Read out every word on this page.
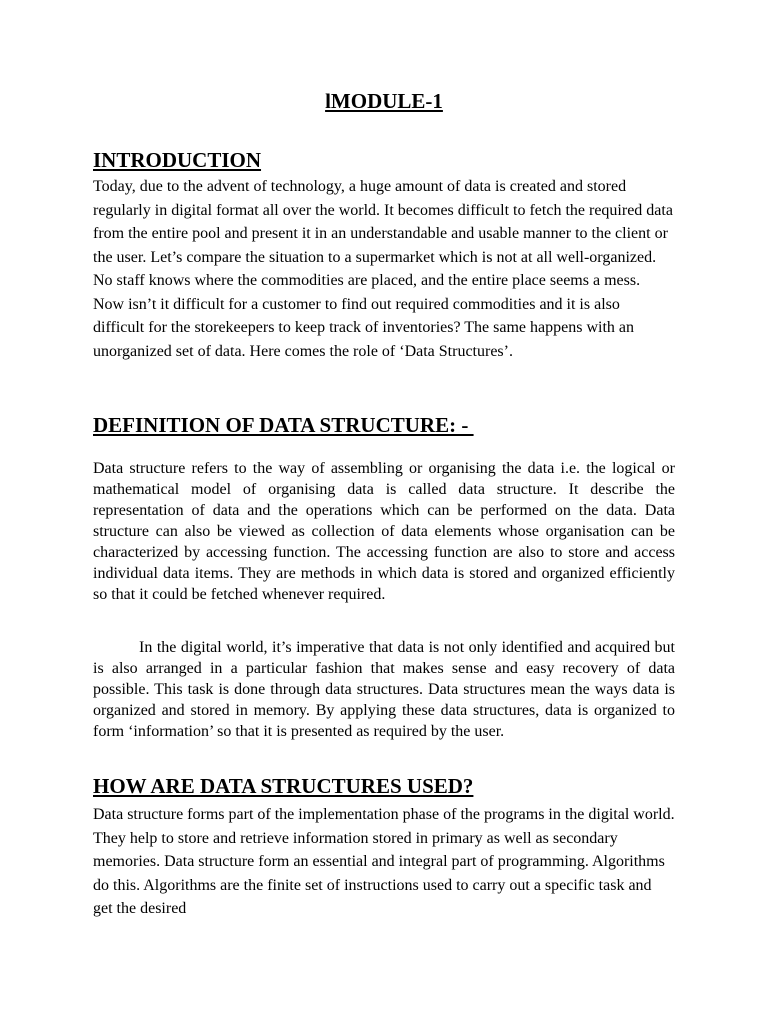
lMODULE-1
INTRODUCTION

Today, due to the advent of technology, a huge amount of data is created and stored regularly in digital format all over the world. It becomes difficult to fetch the required data from the entire pool and present it in an understandable and usable manner to the client or the user. Let’s compare the situation to a supermarket which is not at all well-organized. No staff knows where the commodities are placed, and the entire place seems a mess. Now isn’t it difficult for a customer to find out required commodities and it is also difficult for the storekeepers to keep track of inventories? The same happens with an unorganized set of data. Here comes the role of ‘Data Structures’.

DEFINITION OF DATA STRUCTURE: -

Data structure refers to the way of assembling or organising the data i.e. the logical or mathematical model of organising data is called data structure. It describe the representation of data and the operations which can be performed on the data. Data structure can also be viewed as collection of data elements whose organisation can be characterized by accessing function. The accessing function are also to store and access individual data items. They are methods in which data is stored and organized efficiently so that it could be fetched whenever required.

In the digital world, it’s imperative that data is not only identified and acquired but is also arranged in a particular fashion that makes sense and easy recovery of data possible. This task is done through data structures. Data structures mean the ways data is organized and stored in memory. By applying these data structures, data is organized to form ‘information’ so that it is presented as required by the user.

HOW ARE DATA STRUCTURES USED?

Data structure forms part of the implementation phase of the programs in the digital world. They help to store and retrieve information stored in primary as well as secondary memories. Data structure form an essential and integral part of programming. Algorithms do this. Algorithms are the finite set of instructions used to carry out a specific task and get the desired
